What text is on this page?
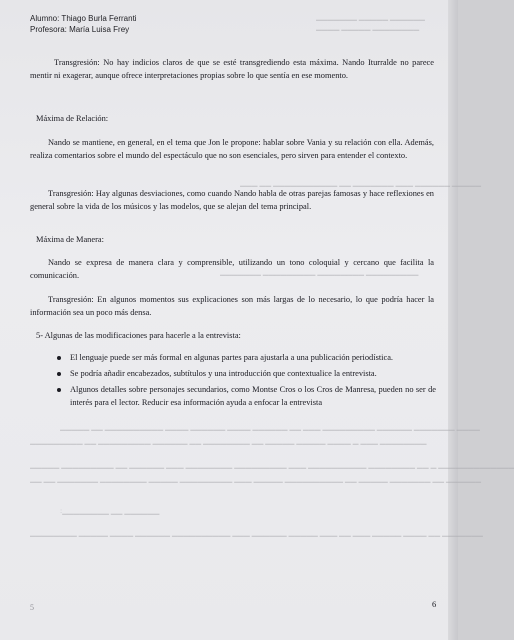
▁▁▁▁▁▁ ▁▁▁▁▁ ▁▁▁▁▁▁▁
▁▁▁▁▁▁▁▁ ▁▁▁▁▁ ▁▁▁▁
▁▁▁▁▁ ▁▁▁▁▁▁ ▁▁▁ ▁▁▁▁▁▁▁ ▁▁ ▁▁▁▁▁▁▁▁▁▁▁ ▁▁ ▁▁▁
▁▁▁▁▁▁▁▁▁ ▁▁▁▁▁▁▁▁ ▁▁▁▁▁▁▁▁▁ ▁▁▁▁▁▁▁
▁▁▁▁ ▁▁▁▁▁▁▁ ▁▁▁▁▁▁ ▁▁▁▁▁▁▁▁▁ ▁▁▁ ▁▁ ▁▁▁▁▁▁ ▁▁▁▁ ▁▁▁▁▁▁ ▁▁▁▁ ▁▁▁▁▁▁▁▁▁▁ ▁▁ ▁▁▁▁▁
▁▁▁▁▁▁▁▁ ▁▁▁ ▁ ▁▁▁▁ ▁▁▁▁▁ ▁▁▁▁▁ ▁▁ ▁▁▁▁▁▁▁▁ ▁▁ ▁▁▁▁▁▁ ▁▁▁▁▁▁▁▁▁ ▁▁ ▁▁▁▁▁▁▁▁▁
▁▁▁▁▁▁▁▁▁▁▁▁▁ ▁ ▁▁ ▁▁▁▁▁▁▁▁ ▁▁▁▁▁▁▁▁▁▁ ▁▁▁ ▁▁▁▁▁▁▁▁▁ ▁▁▁▁▁▁▁▁ ▁▁▁ ▁▁▁▁▁▁ ▁▁ ▁▁▁▁▁▁▁▁▁ ▁▁▁▁▁
▁▁▁▁▁▁ ▁▁ ▁▁▁▁▁▁▁ ▁▁▁▁▁ ▁▁ ▁▁▁▁▁▁▁▁▁▁ ▁▁▁▁▁ ▁▁▁ ▁▁▁▁▁▁▁▁▁ ▁▁▁▁▁ ▁▁▁▁▁▁▁▁ ▁▁▁▁▁▁▁ ▁▁ ▁▁
▁▁▁▁▁▁ ▁▁ ▁▁▁▁▁▁▁▁:
▁▁▁▁▁▁▁ ▁▁ ▁▁▁▁ ▁▁▁▁▁ ▁▁▁ ▁▁ ▁▁▁ ▁▁▁▁▁ ▁▁▁▁▁▁ ▁▁▁ ▁▁▁▁▁▁▁▁▁▁ ▁▁▁▁▁▁ ▁▁▁▁ ▁▁▁▁▁ ▁▁▁▁▁▁▁▁
Alumno: Thiago Burla Ferranti
Profesora: María Luisa Frey
Transgresión: No hay indicios claros de que se esté transgrediendo esta máxima. Nando Iturralde no parece mentir ni exagerar, aunque ofrece interpretaciones propias sobre lo que sentía en ese momento.
Máxima de Relación:
Nando se mantiene, en general, en el tema que Jon le propone: hablar sobre Vania y su relación con ella. Además, realiza comentarios sobre el mundo del espectáculo que no son esenciales, pero sirven para entender el contexto.
Transgresión: Hay algunas desviaciones, como cuando Nando habla de otras parejas famosas y hace reflexiones en general sobre la vida de los músicos y las modelos, que se alejan del tema principal.
Máxima de Manera:
Nando se expresa de manera clara y comprensible, utilizando un tono coloquial y cercano que facilita la comunicación.
Transgresión: En algunos momentos sus explicaciones son más largas de lo necesario, lo que podría hacer la información sea un poco más densa.
5- Algunas de las modificaciones para hacerle a la entrevista:
El lenguaje puede ser más formal en algunas partes para ajustarla a una publicación periodística.
Se podría añadir encabezados, subtítulos y una introducción que contextualice la entrevista.
Algunos detalles sobre personajes secundarios, como Montse Cros o los Cros de Manresa, pueden no ser de interés para el lector. Reducir esa información ayuda a enfocar la entrevista
5	6
